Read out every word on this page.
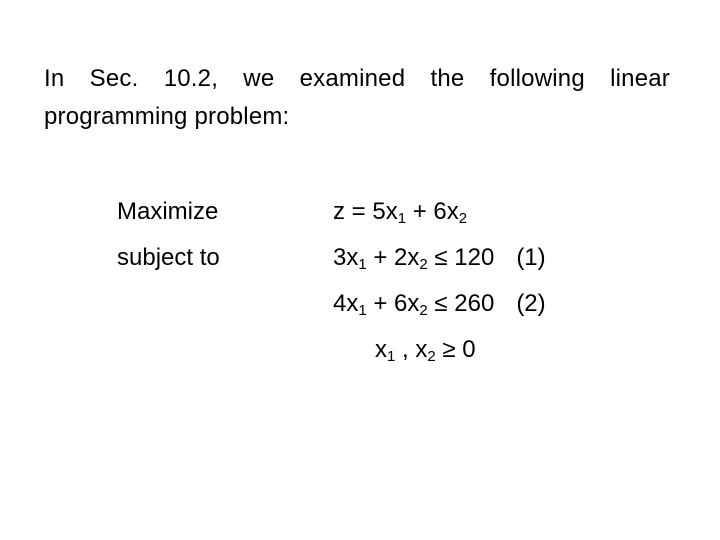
In Sec. 10.2, we examined the following linear programming problem:
Maximize
subject to
$z = 5x_1 + 6x_2$
$3x_1 + 2x_2 \le 120$ (1)
$4x_1 + 6x_2 \le 260$ (2)
$x_1$ , $x_2 \ge 0$
